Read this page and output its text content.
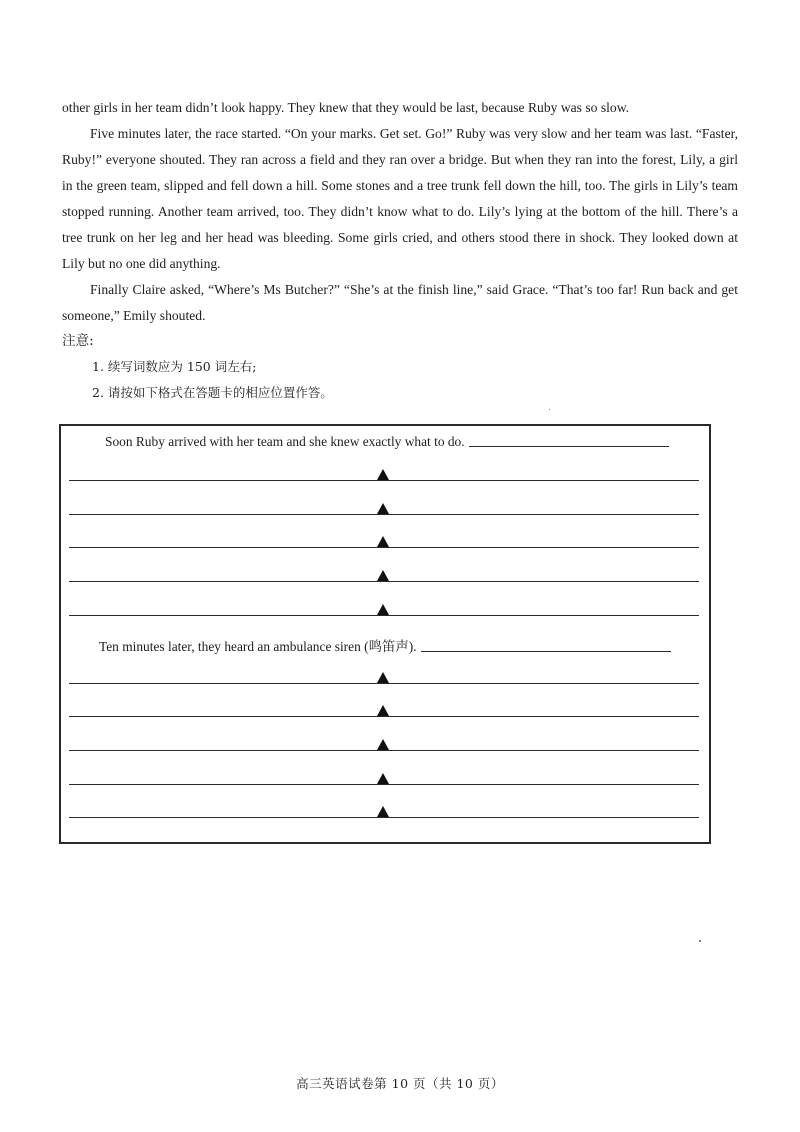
other girls in her team didn’t look happy. They knew that they would be last, because Ruby was so slow.

Five minutes later, the race started. “On your marks. Get set. Go!” Ruby was very slow and her team was last. “Faster, Ruby!” everyone shouted. They ran across a field and they ran over a bridge. But when they ran into the forest, Lily, a girl in the green team, slipped and fell down a hill. Some stones and a tree trunk fell down the hill, too. The girls in Lily’s team stopped running. Another team arrived, too. They didn’t know what to do. Lily’s lying at the bottom of the hill. There’s a tree trunk on her leg and her head was bleeding. Some girls cried, and others stood there in shock. They looked down at Lily but no one did anything.

Finally Claire asked, “Where’s Ms Butcher?” “She’s at the finish line,” said Grace. “That’s too far! Run back and get someone,” Emily shouted.

注意:
1. 续写词数应为 150 词左右;
2. 请按如下格式在答题卡的相应位置作答。
Soon Ruby arrived with her team and she knew exactly what to do.
Ten minutes later, they heard an ambulance siren (鸣笛声).
高三英语试卷第 10 页（共 10 页）
